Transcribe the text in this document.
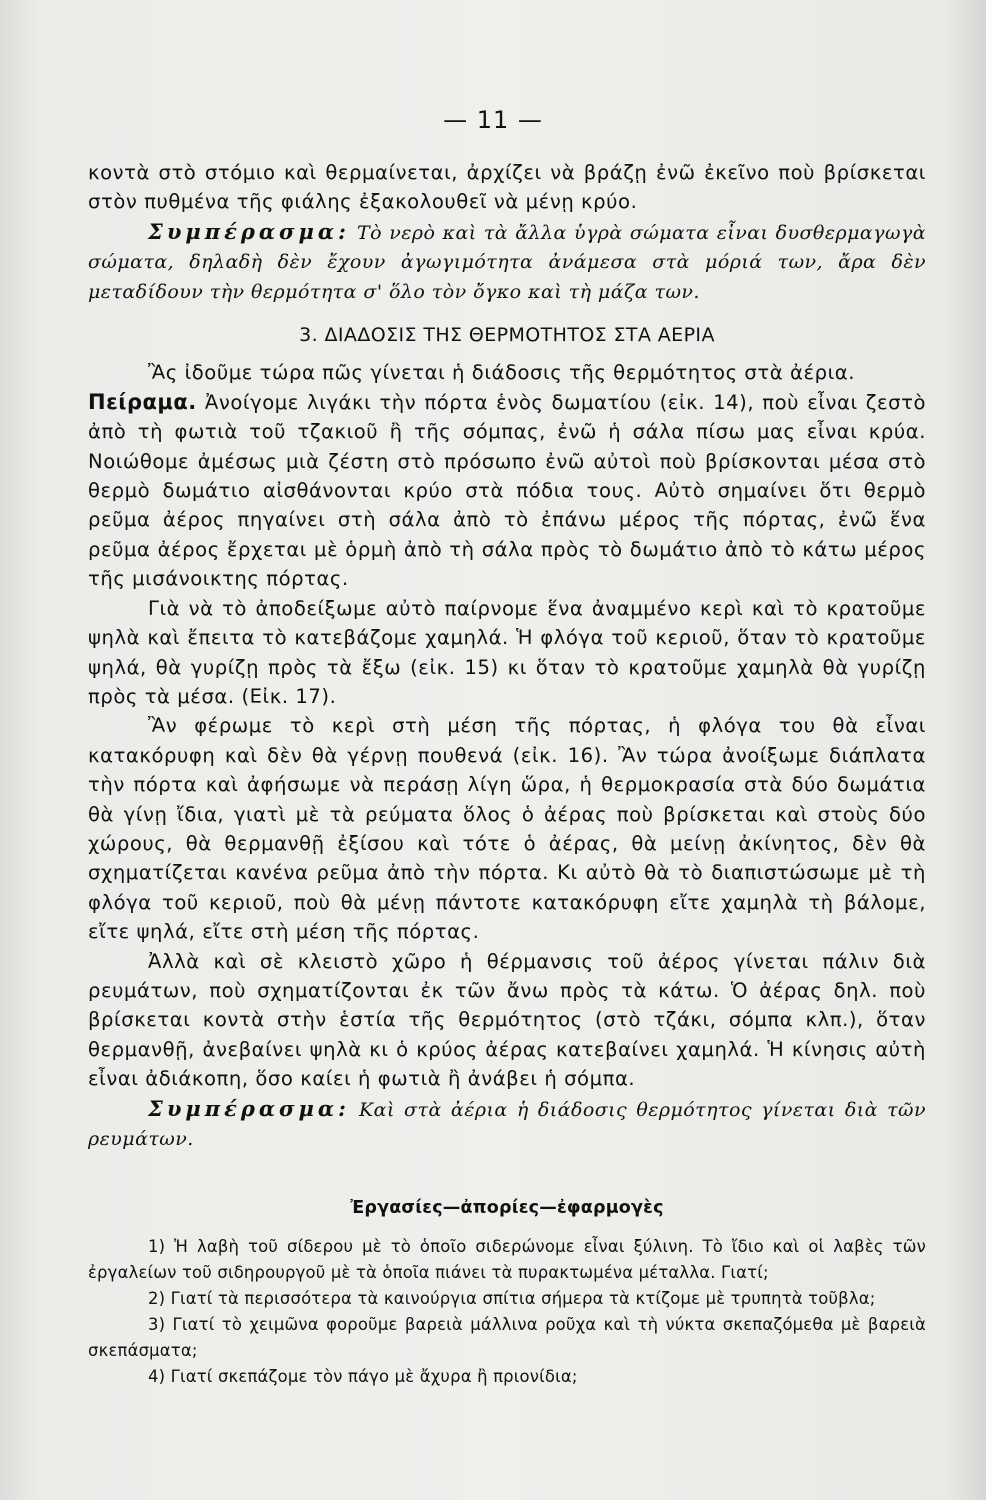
— 11 —

κοντὰ στὸ στόμιο καὶ θερμαίνεται, ἀρχίζει νὰ βράζῃ ἐνῶ ἐκεῖνο ποὺ βρίσκεται στὸν πυθμένα τῆς φιάλης ἐξακολουθεῖ νὰ μένῃ κρύο.

Συμπέρασμα: Τὸ νερὸ καὶ τὰ ἄλλα ὑγρὰ σώματα εἶναι δυσθερμαγωγὰ σώματα, δηλαδὴ δὲν ἔχουν ἀγωγιμότητα ἀνάμεσα στὰ μόριά των, ἄρα δὲν μεταδίδουν τὴν θερμότητα σ' ὅλο τὸν ὄγκο καὶ τὴ μάζα των.

3. ΔΙΑΔΟΣΙΣ ΤΗΣ ΘΕΡΜΟΤΗΤΟΣ ΣΤΑ ΑΕΡΙΑ

Ἂς ἰδοῦμε τώρα πῶς γίνεται ἡ διάδοσις τῆς θερμότητος στὰ ἀέρια.

Πείραμα. Ἀνοίγομε λιγάκι τὴν πόρτα ἑνὸς δωματίου (εἰκ. 14), ποὺ εἶναι ζεστὸ ἀπὸ τὴ φωτιὰ τοῦ τζακιοῦ ἢ τῆς σόμπας, ἐνῶ ἡ σάλα πίσω μας εἶναι κρύα. Νοιώθομε ἀμέσως μιὰ ζέστη στὸ πρόσωπο ἐνῶ αὐτοὶ ποὺ βρίσκονται μέσα στὸ θερμὸ δωμάτιο αἰσθάνονται κρύο στὰ πόδια τους. Αὐτὸ σημαίνει ὅτι θερμὸ ρεῦμα ἀέρος πηγαίνει στὴ σάλα ἀπὸ τὸ ἐπάνω μέρος τῆς πόρτας, ἐνῶ ἕνα ρεῦμα ἀέρος ἔρχεται μὲ ὁρμὴ ἀπὸ τὴ σάλα πρὸς τὸ δωμάτιο ἀπὸ τὸ κάτω μέρος τῆς μισάνοικτης πόρτας.

Γιὰ νὰ τὸ ἀποδείξωμε αὐτὸ παίρνομε ἕνα ἀναμμένο κερὶ καὶ τὸ κρατοῦμε ψηλὰ καὶ ἔπειτα τὸ κατεβάζομε χαμηλά. Ἡ φλόγα τοῦ κεριοῦ, ὅταν τὸ κρατοῦμε ψηλά, θὰ γυρίζῃ πρὸς τὰ ἔξω (εἰκ. 15) κι ὅταν τὸ κρατοῦμε χαμηλὰ θὰ γυρίζῃ πρὸς τὰ μέσα. (Εἰκ. 17).

Ἂν φέρωμε τὸ κερὶ στὴ μέση τῆς πόρτας, ἡ φλόγα του θὰ εἶναι κατακόρυφη καὶ δὲν θὰ γέρνῃ πουθενά (εἰκ. 16). Ἂν τώρα ἀνοίξωμε διάπλατα τὴν πόρτα καὶ ἀφήσωμε νὰ περάσῃ λίγη ὥρα, ἡ θερμοκρασία στὰ δύο δωμάτια θὰ γίνῃ ἴδια, γιατὶ μὲ τὰ ρεύματα ὅλος ὁ ἀέρας ποὺ βρίσκεται καὶ στοὺς δύο χώρους, θὰ θερμανθῇ ἐξίσου καὶ τότε ὁ ἀέρας, θὰ μείνῃ ἀκίνητος, δὲν θὰ σχηματίζεται κανένα ρεῦμα ἀπὸ τὴν πόρτα. Κι αὐτὸ θὰ τὸ διαπιστώσωμε μὲ τὴ φλόγα τοῦ κεριοῦ, ποὺ θὰ μένῃ πάντοτε κατακόρυφη εἴτε χαμηλὰ τὴ βάλομε, εἴτε ψηλά, εἴτε στὴ μέση τῆς πόρτας.

Ἀλλὰ καὶ σὲ κλειστὸ χῶρο ἡ θέρμανσις τοῦ ἀέρος γίνεται πάλιν διὰ ρευμάτων, ποὺ σχηματίζονται ἐκ τῶν ἄνω πρὸς τὰ κάτω. Ὁ ἀέρας δηλ. ποὺ βρίσκεται κοντὰ στὴν ἑστία τῆς θερμότητος (στὸ τζάκι, σόμπα κλπ.), ὅταν θερμανθῇ, ἀνεβαίνει ψηλὰ κι ὁ κρύος ἀέρας κατεβαίνει χαμηλά. Ἡ κίνησις αὐτὴ εἶναι ἀδιάκοπη, ὅσο καίει ἡ φωτιὰ ἢ ἀνάβει ἡ σόμπα.

Συμπέρασμα: Καὶ στὰ ἀέρια ἡ διάδοσις θερμότητος γίνεται διὰ τῶν ρευμάτων.

Ἐργασίες—ἀπορίες—ἐφαρμογὲς

1) Ἡ λαβὴ τοῦ σίδερου μὲ τὸ ὁποῖο σιδερώνομε εἶναι ξύλινη. Τὸ ἴδιο καὶ οἱ λαβὲς τῶν ἐργαλείων τοῦ σιδηρουργοῦ μὲ τὰ ὁποῖα πιάνει τὰ πυρακτωμένα μέταλλα. Γιατί;

2) Γιατί τὰ περισσότερα τὰ καινούργια σπίτια σήμερα τὰ κτίζομε μὲ τρυπητὰ τοῦβλα;

3) Γιατί τὸ χειμῶνα φοροῦμε βαρειὰ μάλλινα ροῦχα καὶ τὴ νύκτα σκεπαζόμεθα μὲ βαρειὰ σκεπάσματα;

4) Γιατί σκεπάζομε τὸν πάγο μὲ ἄχυρα ἢ πριονίδια;
